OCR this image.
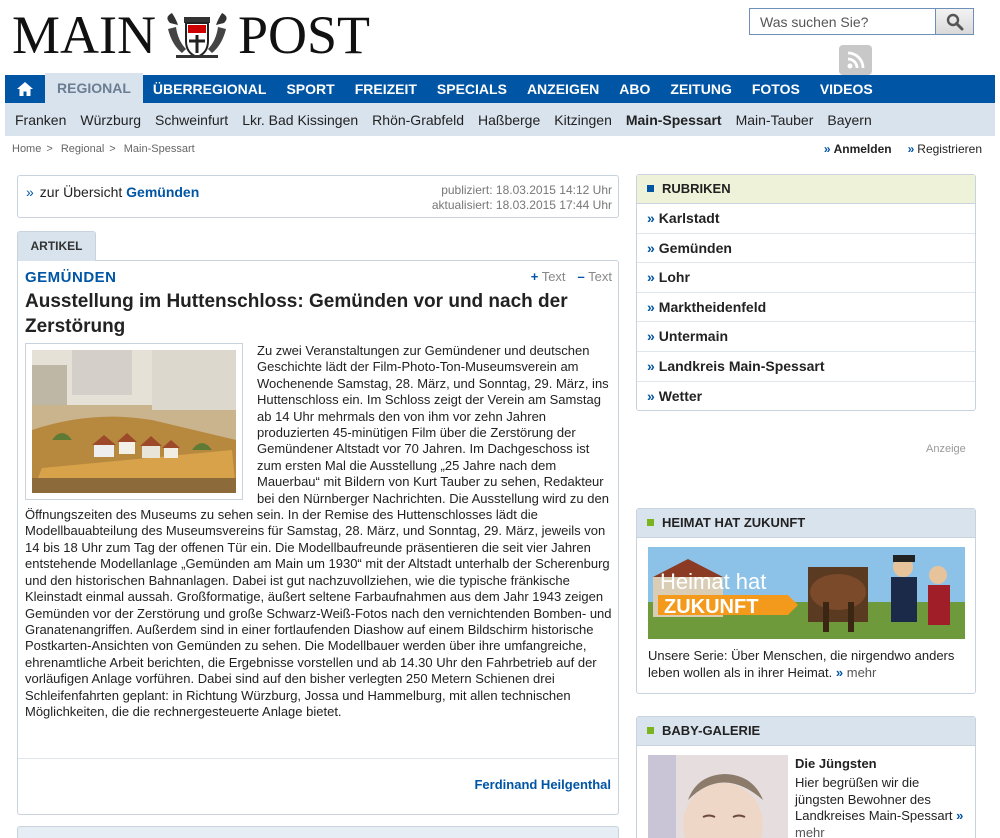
MAIN POST
Was suchen Sie?
REGIONAL	ÜBERREGIONAL	SPORT	FREIZEIT	SPECIALS	ANZEIGEN	ABO	ZEITUNG	FOTOS	VIDEOS
Franken Würzburg Schweinfurt Lkr. Bad Kissingen Rhön-Grabfeld Haßberge Kitzingen Main-Spessart Main-Tauber Bayern
Home > Regional > Main-Spessart	» Anmelden » Registrieren
» zur Übersicht Gemünden	publiziert: 18.03.2015 14:12 Uhr
aktualisiert: 18.03.2015 17:44 Uhr
ARTIKEL
GEMÜNDEN	+ Text – Text
Ausstellung im Huttenschloss: Gemünden vor und nach der Zerstörung
Zu zwei Veranstaltungen zur Gemündener und deutschen Geschichte lädt der Film-Photo-Ton-Museumsverein am Wochenende Samstag, 28. März, und Sonntag, 29. März, ins Huttenschloss ein. Im Schloss zeigt der Verein am Samstag ab 14 Uhr mehrmals den von ihm vor zehn Jahren produzierten 45-minütigen Film über die Zerstörung der Gemündener Altstadt vor 70 Jahren. Im Dachgeschoss ist zum ersten Mal die Ausstellung „25 Jahre nach dem Mauerbau“ mit Bildern von Kurt Tauber zu sehen, Redakteur bei den Nürnberger Nachrichten. Die Ausstellung wird zu den Öffnungszeiten des Museums zu sehen sein. In der Remise des Huttenschlosses lädt die Modellbauabteilung des Museumsvereins für Samstag, 28. März, und Sonntag, 29. März, jeweils von 14 bis 18 Uhr zum Tag der offenen Tür ein. Die Modellbaufreunde präsentieren die seit vier Jahren entstehende Modellanlage „Gemünden am Main um 1930“ mit der Altstadt unterhalb der Scherenburg und den historischen Bahnanlagen. Dabei ist gut nachzuvollziehen, wie die typische fränkische Kleinstadt einmal aussah. Großformatige, äußert seltene Farbaufnahmen aus dem Jahr 1943 zeigen Gemünden vor der Zerstörung und große Schwarz-Weiß-Fotos nach den vernichtenden Bomben- und Granatenangriffen. Außerdem sind in einer fortlaufenden Diashow auf einem Bildschirm historische Postkarten-Ansichten von Gemünden zu sehen. Die Modellbauer werden über ihre umfangreiche, ehrenamtliche Arbeit berichten, die Ergebnisse vorstellen und ab 14.30 Uhr den Fahrbetrieb auf der vorläufigen Anlage vorführen. Dabei sind auf den bisher verlegten 250 Metern Schienen drei Schleifenfahrten geplant: in Richtung Würzburg, Jossa und Hammelburg, mit allen technischen Möglichkeiten, die die rechnergesteuerte Anlage bietet.
Ferdinand Heilgenthal
RUBRIKEN
» Karlstadt
» Gemünden
» Lohr
» Marktheidenfeld
» Untermain
» Landkreis Main-Spessart
» Wetter
Anzeige
HEIMAT HAT ZUKUNFT
Heimat hat
ZUKUNFT
Unsere Serie: Über Menschen, die nirgendwo anders leben wollen als in ihrer Heimat. » mehr
BABY-GALERIE
Die Jüngsten
Hier begrüßen wir die jüngsten Bewohner des Landkreises Main-Spessart » mehr
